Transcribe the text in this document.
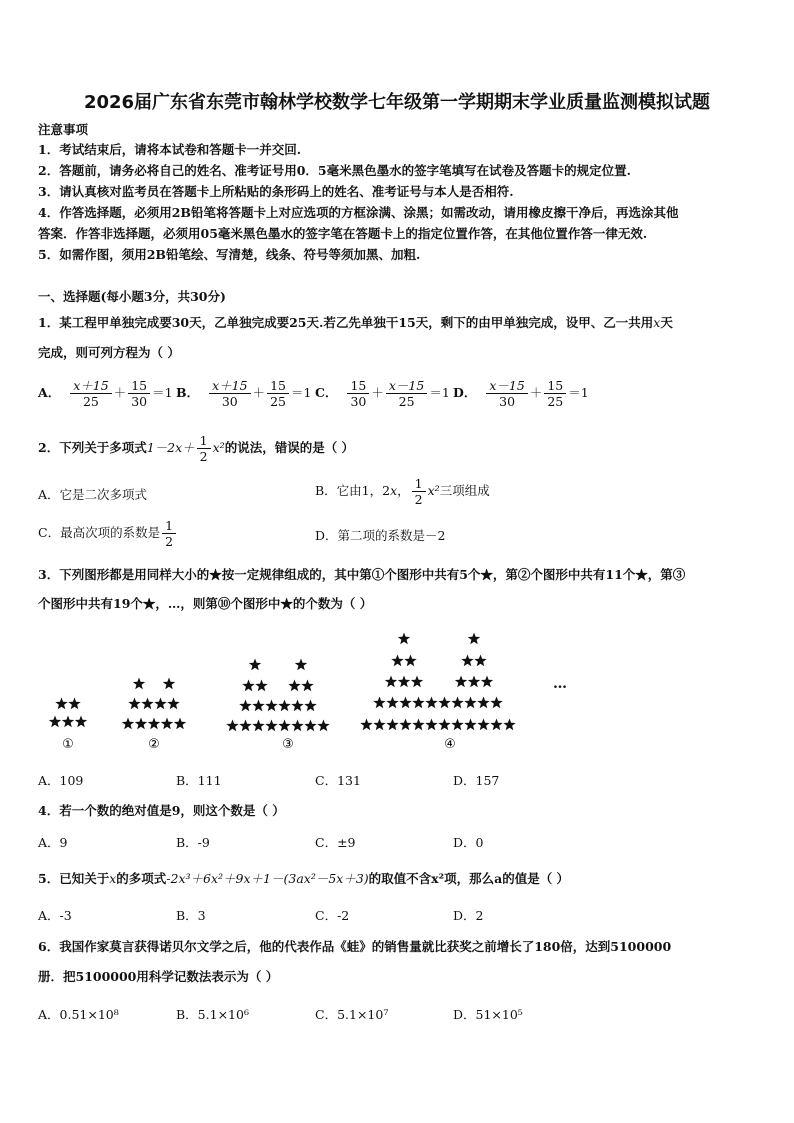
2026届广东省东莞市翰林学校数学七年级第一学期期末学业质量监测模拟试题
注意事项
1．考试结束后，请将本试卷和答题卡一并交回.
2．答题前，请务必将自己的姓名、准考证号用0．5毫米黑色墨水的签字笔填写在试卷及答题卡的规定位置.
3．请认真核对监考员在答题卡上所粘贴的条形码上的姓名、准考证号与本人是否相符.
4．作答选择题，必须用2B铅笔将答题卡上对应选项的方框涂满、涂黑；如需改动，请用橡皮擦干净后，再选涂其他
答案．作答非选择题，必须用05毫米黑色墨水的签字笔在答题卡上的指定位置作答，在其他位置作答一律无效.
5．如需作图，须用2B铅笔绘、写清楚，线条、符号等须加黑、加粗.
一、选择题(每小题3分，共30分)
1．某工程甲单独完成要30天，乙单独完成要25天.若乙先单独干15天，剩下的由甲单独完成，设甲、乙一共用x天
完成，则可列方程为（ ）
A． $\frac{x+15}{25} + \frac{15}{30} =1$ B． $\frac{x+15}{30} + \frac{15}{25} =1$ C． $\frac{15}{30} + \frac{x-15}{25} =1$ D． $\frac{x-15}{30} + \frac{15}{25} =1$
2．下列关于多项式$1-2x+ \frac{1}{2} x^2$的说法，错误的是（ ）
A．它是二次多项式	B．它由1，2x， $\frac{1}{2} x^2$三项组成
C．最高次项的系数是 $\frac{1}{2}$	D．第二项的系数是－2
3．下列图形都是用同样大小的★按一定规律组成的，其中第①个图形中共有5个★，第②个图形中共有11个★，第③
个图形中共有19个★，…，则第⑩个图形中★的个数为（ ）
①	②	③	④
…
A．109	B．111	C．131	D．157
4．若一个数的绝对值是9，则这个数是（ ）
A．9	B．-9	C．±9	D．0
5．已知关于x的多项式-2x³＋6x²＋9x＋1－(3ax²－5x＋3)的取值不含x²项，那么a的值是（ ）
A．-3	B．3	C．-2	D．2
6．我国作家莫言获得诺贝尔文学之后，他的代表作品《蛙》的销售量就比获奖之前增长了180倍，达到5100000
册．把5100000用科学记数法表示为（ ）
A．0.51×10⁸	B．5.1×10⁶	C．5.1×10⁷	D．51×10⁵
